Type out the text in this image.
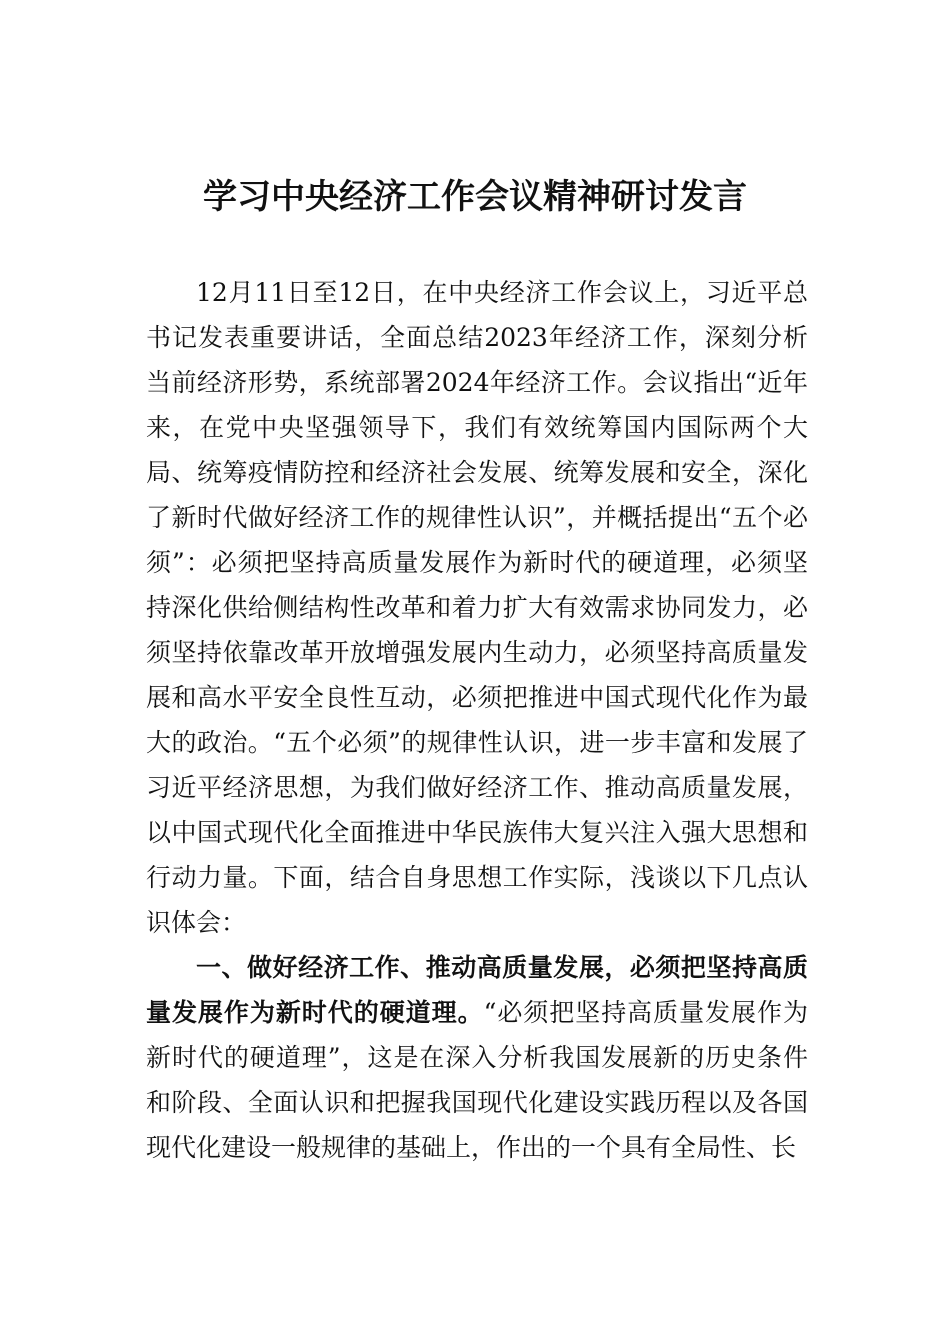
学习中央经济工作会议精神研讨发言

12月11日至12日，在中央经济工作会议上，习近平总书记发表重要讲话，全面总结2023年经济工作，深刻分析当前经济形势，系统部署2024年经济工作。会议指出“近年来，在党中央坚强领导下，我们有效统筹国内国际两个大局、统筹疫情防控和经济社会发展、统筹发展和安全，深化了新时代做好经济工作的规律性认识”，并概括提出“五个必须”：必须把坚持高质量发展作为新时代的硬道理，必须坚持深化供给侧结构性改革和着力扩大有效需求协同发力，必须坚持依靠改革开放增强发展内生动力，必须坚持高质量发展和高水平安全良性互动，必须把推进中国式现代化作为最大的政治。“五个必须”的规律性认识，进一步丰富和发展了习近平经济思想，为我们做好经济工作、推动高质量发展，以中国式现代化全面推进中华民族伟大复兴注入强大思想和行动力量。下面，结合自身思想工作实际，浅谈以下几点认识体会：

一、做好经济工作、推动高质量发展，必须把坚持高质量发展作为新时代的硬道理。“必须把坚持高质量发展作为新时代的硬道理”，这是在深入分析我国发展新的历史条件和阶段、全面认识和把握我国现代化建设实践历程以及各国现代化建设一般规律的基础上，作出的一个具有全局性、长
